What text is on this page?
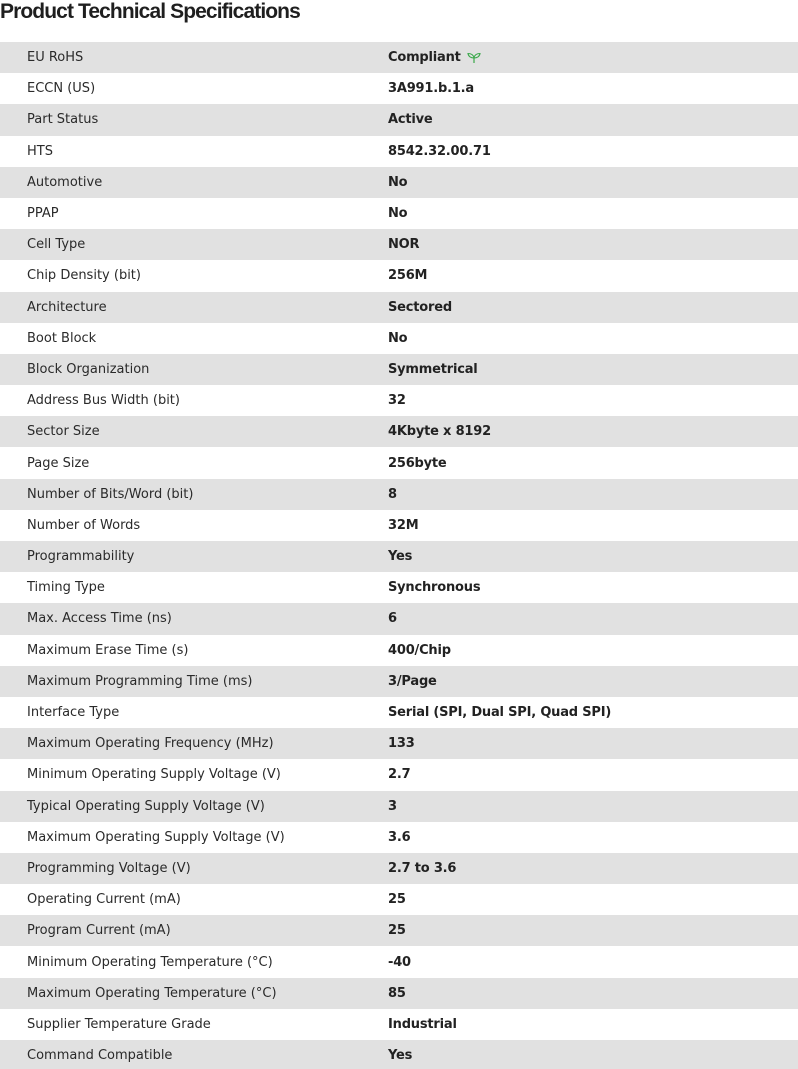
Product Technical Specifications
EU RoHS	Compliant
ECCN (US)	3A991.b.1.a
Part Status	Active
HTS	8542.32.00.71
Automotive	No
PPAP	No
Cell Type	NOR
Chip Density (bit)	256M
Architecture	Sectored
Boot Block	No
Block Organization	Symmetrical
Address Bus Width (bit)	32
Sector Size	4Kbyte x 8192
Page Size	256byte
Number of Bits/Word (bit)	8
Number of Words	32M
Programmability	Yes
Timing Type	Synchronous
Max. Access Time (ns)	6
Maximum Erase Time (s)	400/Chip
Maximum Programming Time (ms)	3/Page
Interface Type	Serial (SPI, Dual SPI, Quad SPI)
Maximum Operating Frequency (MHz)	133
Minimum Operating Supply Voltage (V)	2.7
Typical Operating Supply Voltage (V)	3
Maximum Operating Supply Voltage (V)	3.6
Programming Voltage (V)	2.7 to 3.6
Operating Current (mA)	25
Program Current (mA)	25
Minimum Operating Temperature (°C)	-40
Maximum Operating Temperature (°C)	85
Supplier Temperature Grade	Industrial
Command Compatible	Yes
